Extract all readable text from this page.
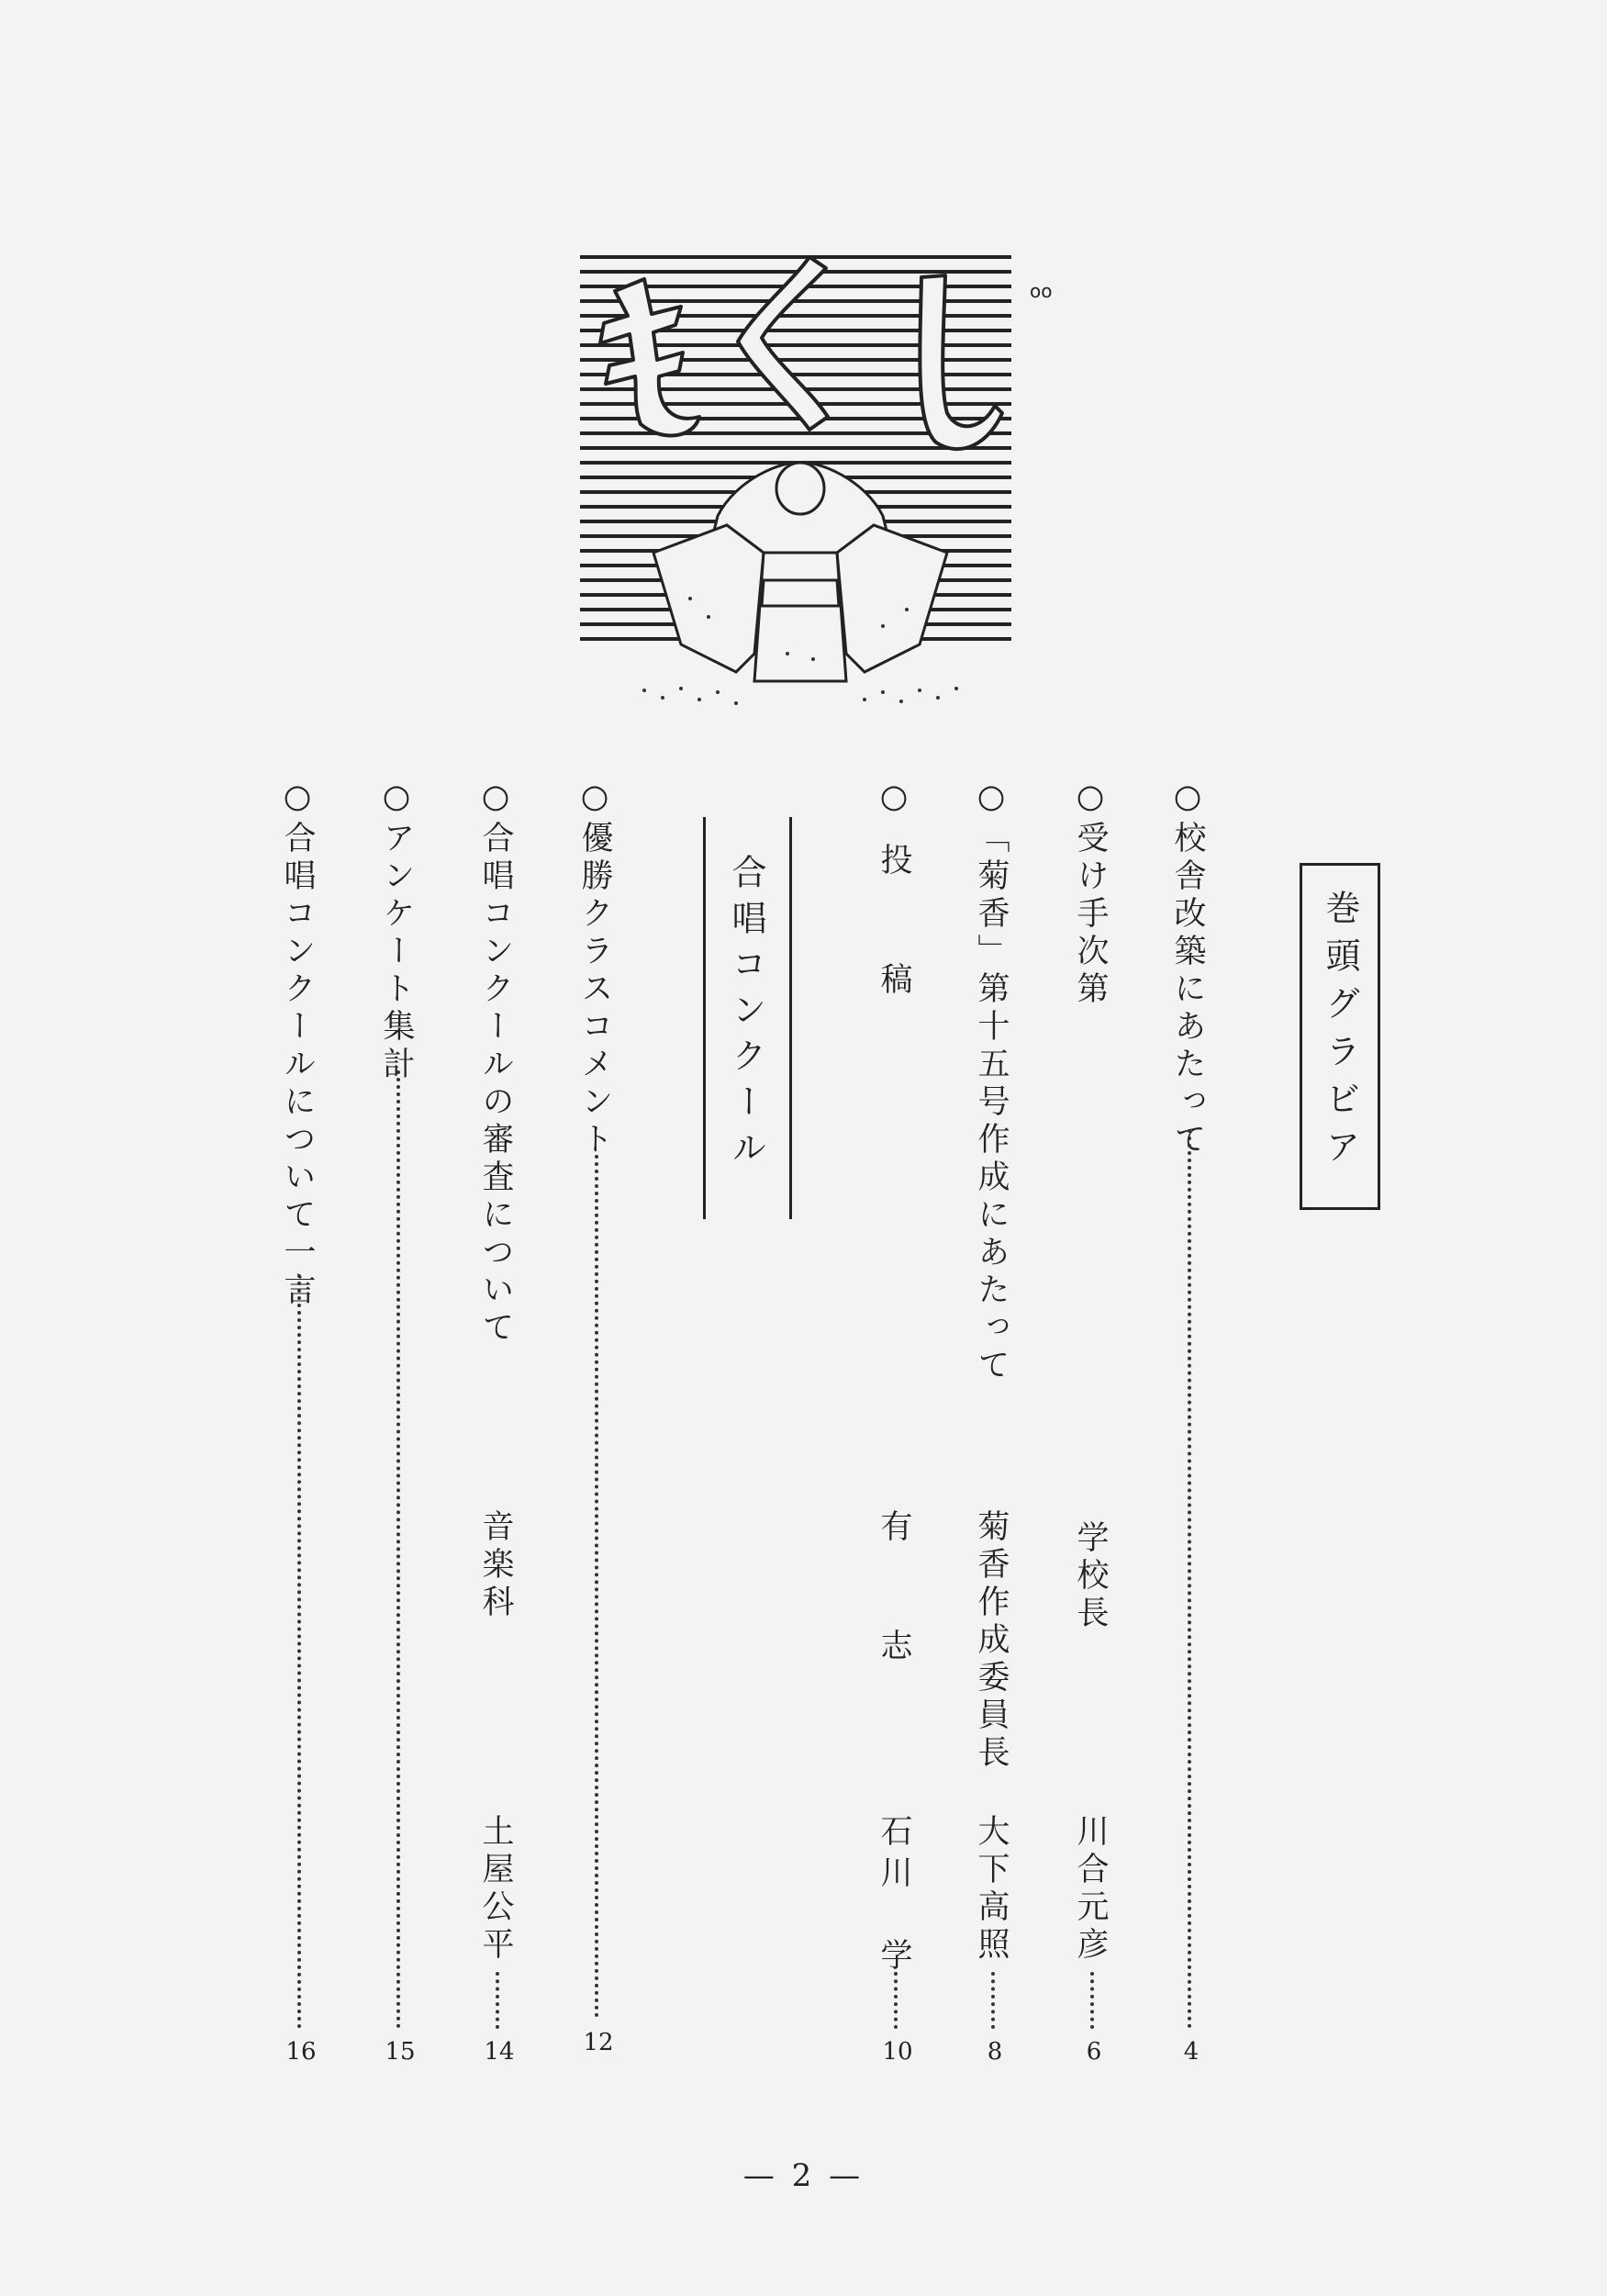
oo
巻頭グラビア
合唱コンクール	○校舎改築にあたって
4
○受け手次第
学校長
川合元彦
6
○「菊香」第十五号作成にあたって
菊香作成委員長
大下高照
8
○投　稿
有　志
石川　学
10
○優勝クラスコメント
12
○合唱コンクールの審査について
音楽科
土屋公平
14
○アンケート集計
15
○合唱コンクールについて一言
16
— 2 —
